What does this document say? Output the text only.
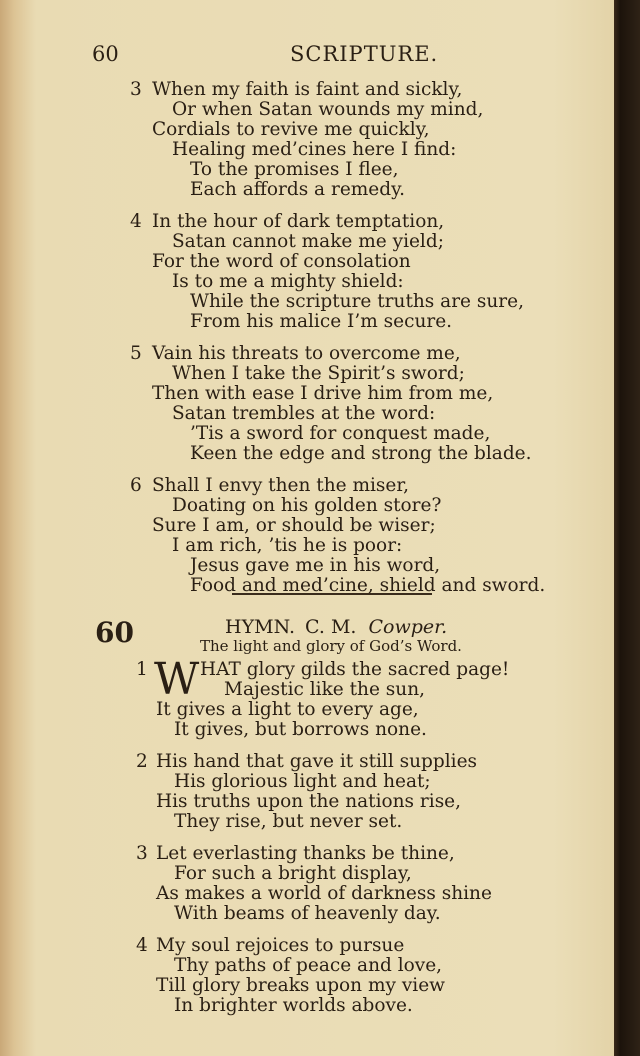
60	SCRIPTURE.
3 When my faith is faint and sickly,
Or when Satan wounds my mind,
Cordials to revive me quickly,
Healing med’cines here I find:
To the promises I flee,
Each affords a remedy.
4 In the hour of dark temptation,
Satan cannot make me yield;
For the word of consolation
Is to me a mighty shield:
While the scripture truths are sure,
From his malice I’m secure.
5 Vain his threats to overcome me,
When I take the Spirit’s sword;
Then with ease I drive him from me,
Satan trembles at the word:
’Tis a sword for conquest made,
Keen the edge and strong the blade.
6 Shall I envy then the miser,
Doating on his golden store?
Sure I am, or should be wiser;
I am rich, ’tis he is poor:
Jesus gave me in his word,
Food and med’cine, shield and sword.
60	HYMN. C. M. Cowper.
The light and glory of God’s Word.
1 W HAT glory gilds the sacred page!
Majestic like the sun,
It gives a light to every age,
It gives, but borrows none.
2 His hand that gave it still supplies
His glorious light and heat;
His truths upon the nations rise,
They rise, but never set.
3 Let everlasting thanks be thine,
For such a bright display,
As makes a world of darkness shine
With beams of heavenly day.
4 My soul rejoices to pursue
Thy paths of peace and love,
Till glory breaks upon my view
In brighter worlds above.
